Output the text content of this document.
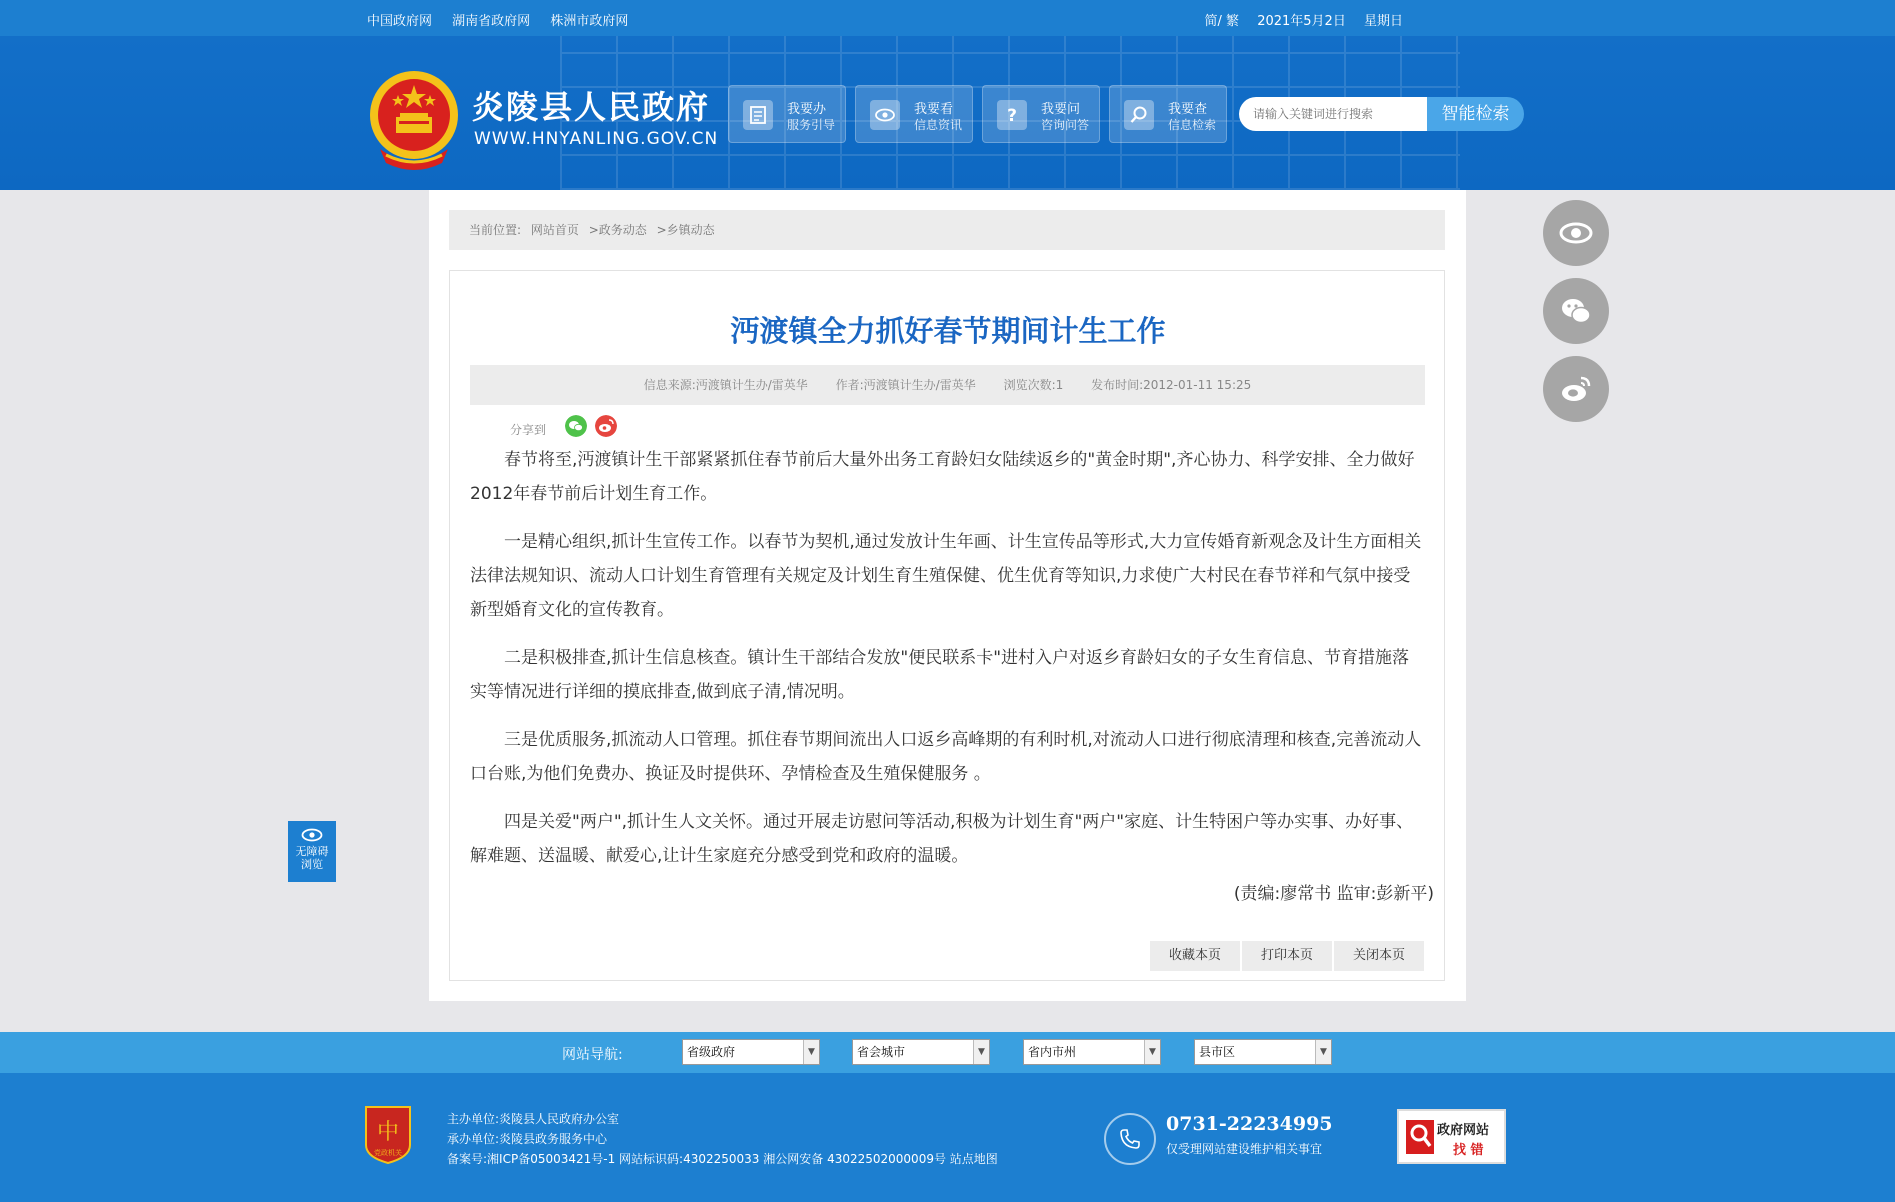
中国政府网 湖南省政府网 株洲市政府网	简/ 繁 2021年5月2日 星期日
炎陵县人民政府
WWW.HNYANLING.GOV.CN
我要办
服务引导
我要看
信息资讯	? 我要问
咨询问答
我要查
信息检索
请输入关键词进行搜索
智能检索
当前位置: 网站首页 >政务动态 >乡镇动态
沔渡镇全力抓好春节期间计生工作
信息来源:沔渡镇计生办/雷英华 作者:沔渡镇计生办/雷英华 浏览次数:1 发布时间:2012-01-11 15:25
分享到

春节将至,沔渡镇计生干部紧紧抓住春节前后大量外出务工育龄妇女陆续返乡的"黄金时期",齐心协力、科学安排、全力做好2012年春节前后计划生育工作。

一是精心组织,抓计生宣传工作。以春节为契机,通过发放计生年画、计生宣传品等形式,大力宣传婚育新观念及计生方面相关法律法规知识、流动人口计划生育管理有关规定及计划生育生殖保健、优生优育等知识,力求使广大村民在春节祥和气氛中接受新型婚育文化的宣传教育。

二是积极排查,抓计生信息核查。镇计生干部结合发放"便民联系卡"进村入户对返乡育龄妇女的子女生育信息、节育措施落实等情况进行详细的摸底排查,做到底子清,情况明。

三是优质服务,抓流动人口管理。抓住春节期间流出人口返乡高峰期的有利时机,对流动人口进行彻底清理和核查,完善流动人口台账,为他们免费办、换证及时提供环、孕情检查及生殖保健服务 。

四是关爱"两户",抓计生人文关怀。通过开展走访慰问等活动,积极为计划生育"两户"家庭、计生特困户等办实事、办好事、解难题、送温暖、献爱心,让计生家庭充分感受到党和政府的温暖。

(责编:廖常书 监审:彭新平)
收藏本页	打印本页	关闭本页
无障碍
浏览
网站导航:	省级政府	▼	省会城市	▼	省内市州	▼	县市区	▼
中
党政机关
主办单位:炎陵县人民政府办公室
承办单位:炎陵县政务服务中心
备案号:湘ICP备05003421号-1 网站标识码:4302250033 湘公网安备 43022502000009号 站点地图
0731-22234995
仅受理网站建设维护相关事宜
政府网站
找 错
